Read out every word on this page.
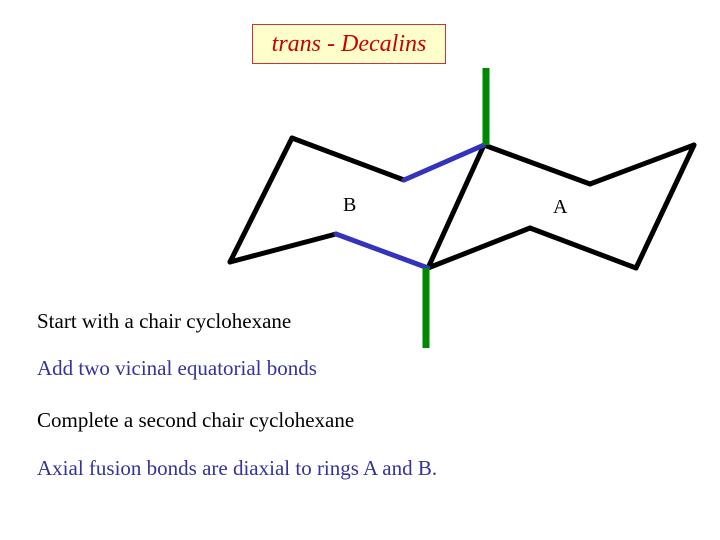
trans - Decalins
B	A
Start with a chair cyclohexane
Add two vicinal equatorial bonds
Complete a second chair cyclohexane
Axial fusion bonds are diaxial to rings A and B.
